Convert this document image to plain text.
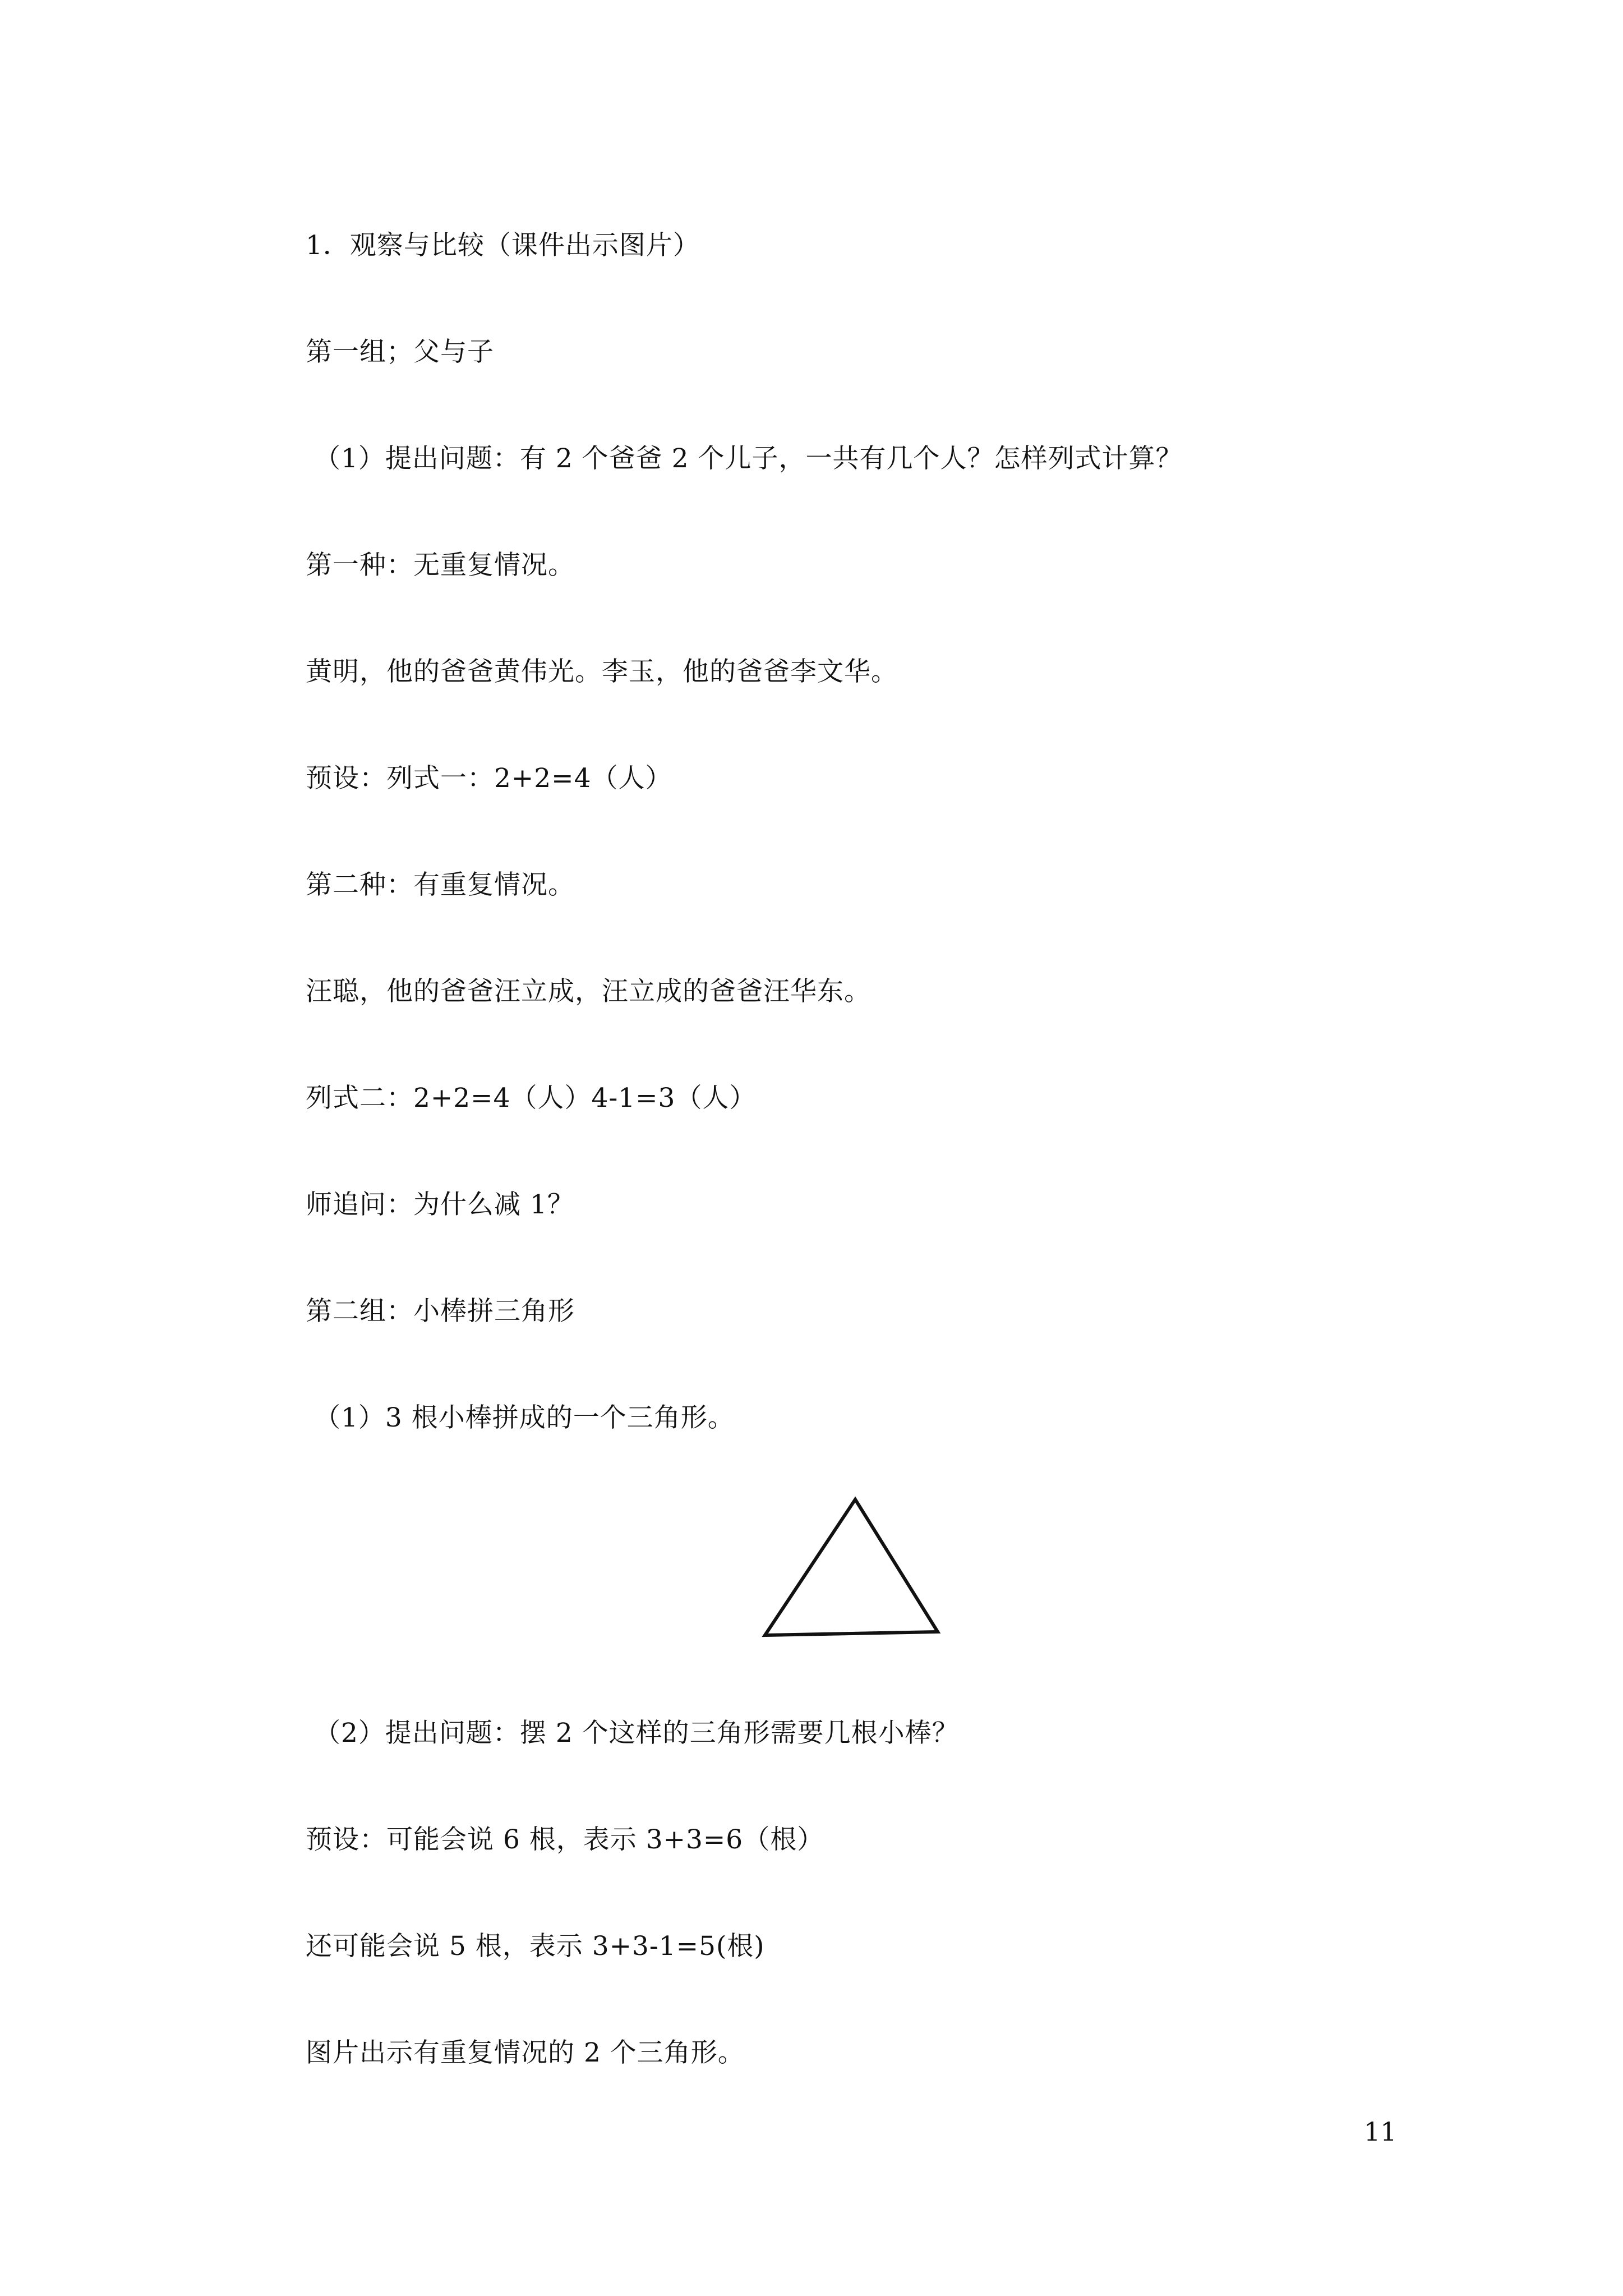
1．观察与比较（课件出示图片）
第一组；父与子
（1）提出问题：有 2 个爸爸 2 个儿子，一共有几个人？怎样列式计算？
第一种：无重复情况。
黄明，他的爸爸黄伟光。李玉，他的爸爸李文华。
预设：列式一：2+2=4（人）
第二种：有重复情况。
汪聪，他的爸爸汪立成，汪立成的爸爸汪华东。
列式二：2+2=4（人）4-1=3（人）
师追问：为什么减 1？
第二组：小棒拼三角形
（1）3 根小棒拼成的一个三角形。
（2）提出问题：摆 2 个这样的三角形需要几根小棒？
预设：可能会说 6 根，表示 3+3=6（根）
还可能会说 5 根，表示 3+3-1=5(根)
图片出示有重复情况的 2 个三角形。
11
